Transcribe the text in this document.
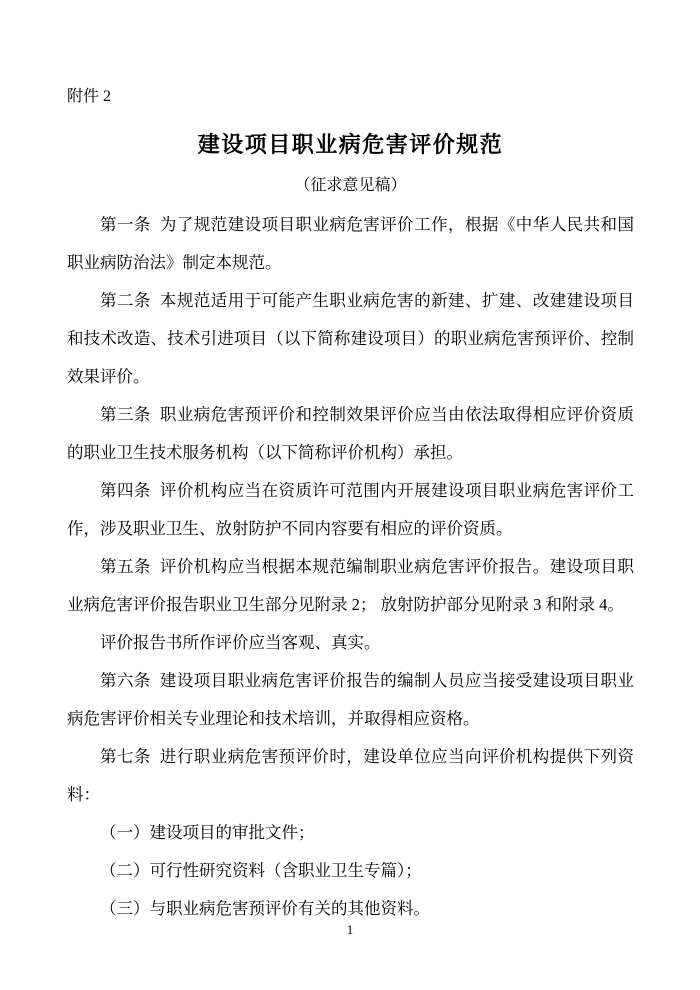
附件 2
建设项目职业病危害评价规范
（征求意见稿）

第一条 为了规范建设项目职业病危害评价工作，根据《中华人民共和国职业病防治法》制定本规范。

第二条 本规范适用于可能产生职业病危害的新建、扩建、改建建设项目和技术改造、技术引进项目（以下简称建设项目）的职业病危害预评价、控制效果评价。

第三条 职业病危害预评价和控制效果评价应当由依法取得相应评价资质的职业卫生技术服务机构（以下简称评价机构）承担。

第四条 评价机构应当在资质许可范围内开展建设项目职业病危害评价工作，涉及职业卫生、放射防护不同内容要有相应的评价资质。

第五条 评价机构应当根据本规范编制职业病危害评价报告。建设项目职业病危害评价报告职业卫生部分见附录 2； 放射防护部分见附录 3 和附录 4。

评价报告书所作评价应当客观、真实。

第六条 建设项目职业病危害评价报告的编制人员应当接受建设项目职业病危害评价相关专业理论和技术培训，并取得相应资格。

第七条 进行职业病危害预评价时，建设单位应当向评价机构提供下列资料：

（一）建设项目的审批文件；

（二）可行性研究资料（含职业卫生专篇）；

（三）与职业病危害预评价有关的其他资料。

1
